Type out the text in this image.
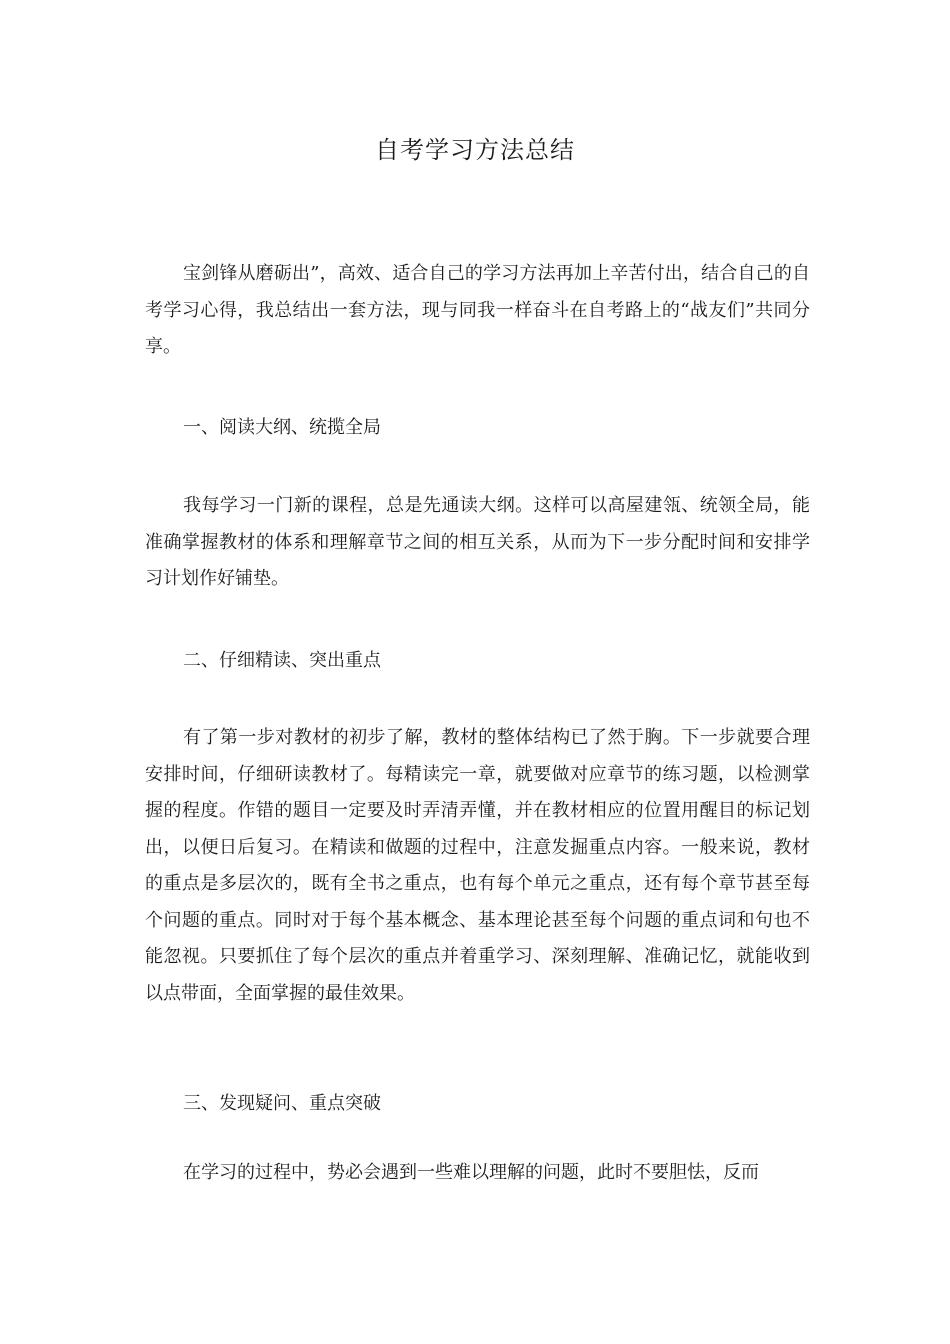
自考学习方法总结

宝剑锋从磨砺出”，高效、适合自己的学习方法再加上辛苦付出，结合自己的自考学习心得，我总结出一套方法，现与同我一样奋斗在自考路上的“战友们”共同分享。

一、阅读大纲、统揽全局

我每学习一门新的课程，总是先通读大纲。这样可以高屋建瓴、统领全局，能准确掌握教材的体系和理解章节之间的相互关系，从而为下一步分配时间和安排学习计划作好铺垫。

二、仔细精读、突出重点

有了第一步对教材的初步了解，教材的整体结构已了然于胸。下一步就要合理安排时间，仔细研读教材了。每精读完一章，就要做对应章节的练习题，以检测掌握的程度。作错的题目一定要及时弄清弄懂，并在教材相应的位置用醒目的标记划出，以便日后复习。在精读和做题的过程中，注意发掘重点内容。一般来说，教材的重点是多层次的，既有全书之重点，也有每个单元之重点，还有每个章节甚至每个问题的重点。同时对于每个基本概念、基本理论甚至每个问题的重点词和句也不能忽视。只要抓住了每个层次的重点并着重学习、深刻理解、准确记忆，就能收到以点带面，全面掌握的最佳效果。

三、发现疑问、重点突破

在学习的过程中，势必会遇到一些难以理解的问题，此时不要胆怯，反而
